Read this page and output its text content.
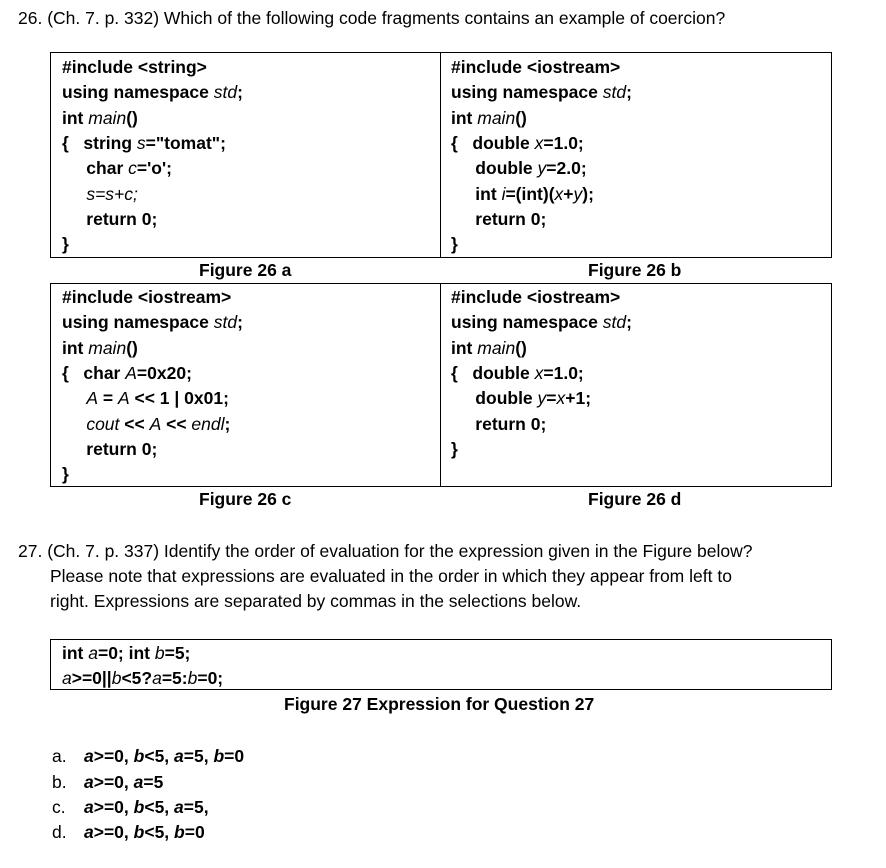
26. (Ch. 7. p. 332) Which of the following code fragments contains an example of coercion?
#include <string>
using namespace std;
int main()
{   string s="tomat";
char c='o';
s=s+c;
return 0;
}
#include <iostream>
using namespace std;
int main()
{   double x=1.0;
double y=2.0;
int i=(int)(x+y);
return 0;
}
#include <iostream>
using namespace std;
int main()
{   char A=0x20;
A = A << 1 | 0x01;
cout << A << endl;
return 0;
}
#include <iostream>
using namespace std;
int main()
{   double x=1.0;
double y=x+1;
return 0;
}
Figure 26 a	Figure 26 b
Figure 26 c	Figure 26 d
27. (Ch. 7. p. 337) Identify the order of evaluation for the expression given in the Figure below?
Please note that expressions are evaluated in the order in which they appear from left to
right. Expressions are separated by commas in the selections below.
int a=0; int b=5;
a>=0||b<5?a=5:b=0;
Figure 27 Expression for Question 27
a. a>=0, b<5, a=5, b=0
b. a>=0, a=5
c. a>=0, b<5, a=5,
d. a>=0, b<5, b=0
